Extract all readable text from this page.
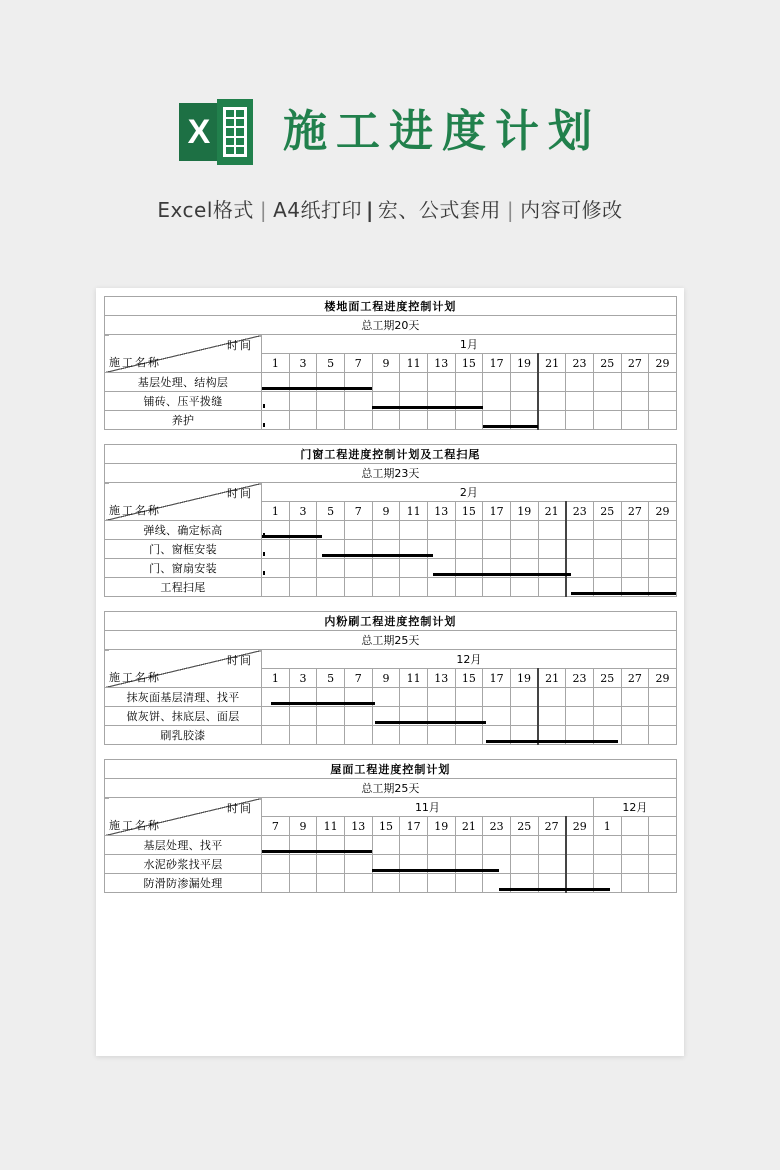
X 施工进度计划
Excel格式 | A4纸打印 | 宏、公式套用 | 内容可修改
楼地面工程进度控制计划															
总工期20天															

时间
施工名称	1月														
	1	3	5	7	9	11	13	15	17	19	21	23	25	27	29
基层处理、结构层															
铺砖、压平拨缝															
养护															
门窗工程进度控制计划及工程扫尾															
总工期23天															

时间
施工名称	2月														
	1	3	5	7	9	11	13	15	17	19	21	23	25	27	29
弹线、确定标高															
门、窗框安装															
门、窗扇安装															
工程扫尾															
内粉刷工程进度控制计划															
总工期25天															

时间
施工名称	12月														
	1	3	5	7	9	11	13	15	17	19	21	23	25	27	29
抹灰面基层清理、找平															
做灰饼、抹底层、面层															
刷乳胶漆															
屋面工程进度控制计划															
总工期25天															

时间
施工名称	11月												12月		
	7	9	11	13	15	17	19	21	23	25	27	29	1		
基层处理、找平															
水泥砂浆找平层															
防滑防渗漏处理															
